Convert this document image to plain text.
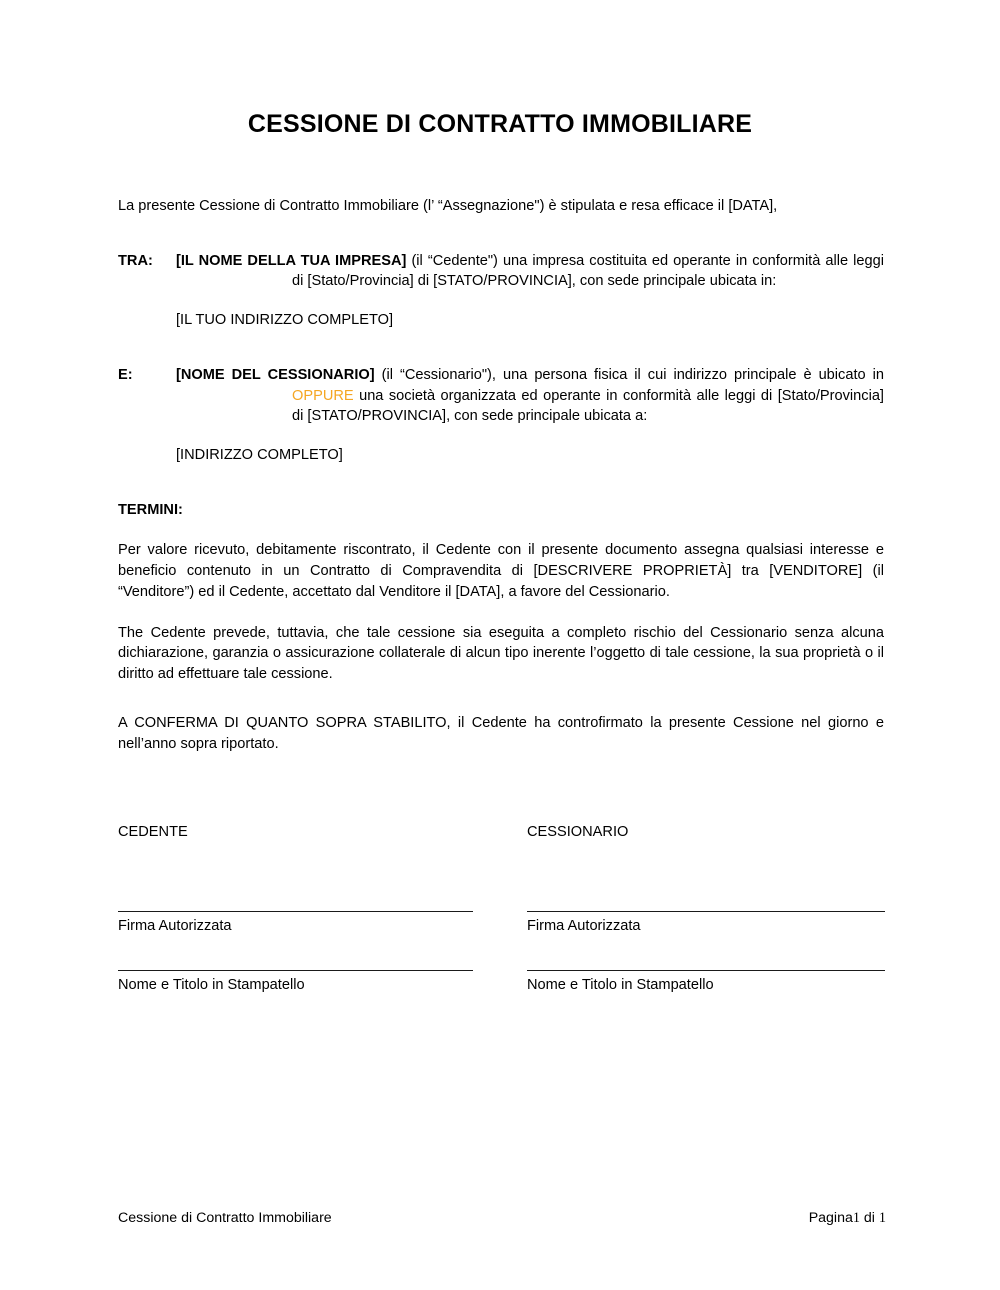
CESSIONE DI CONTRATTO IMMOBILIARE

La presente Cessione di Contratto Immobiliare (l’ “Assegnazione") è stipulata e resa efficace il [DATA],

TRA: [IL NOME DELLA TUA IMPRESA] (il “Cedente") una impresa costituita ed operante in conformità alle leggi di [Stato/Provincia] di [STATO/PROVINCIA], con sede principale ubicata in:
[IL TUO INDIRIZZO COMPLETO]
E:	[NOME DEL CESSIONARIO] (il “Cessionario"), una persona fisica il cui indirizzo principale è ubicato in OPPURE una società organizzata ed operante in conformità alle leggi di [Stato/Provincia] di [STATO/PROVINCIA], con sede principale ubicata a:
[INDIRIZZO COMPLETO]
TERMINI:

Per valore ricevuto, debitamente riscontrato, il Cedente con il presente documento assegna qualsiasi interesse e beneficio contenuto in un Contratto di Compravendita di [DESCRIVERE PROPRIETÀ] tra [VENDITORE] (il “Venditore”) ed il Cedente, accettato dal Venditore il [DATA], a favore del Cessionario.

The Cedente prevede, tuttavia, che tale cessione sia eseguita a completo rischio del Cessionario senza alcuna dichiarazione, garanzia o assicurazione collaterale di alcun tipo inerente l’oggetto di tale cessione, la sua proprietà o il diritto ad effettuare tale cessione.

A CONFERMA DI QUANTO SOPRA STABILITO, il Cedente ha controfirmato la presente Cessione nel giorno e nell’anno sopra riportato.

CEDENTE
Firma Autorizzata
Nome e Titolo in Stampatello
CESSIONARIO
Firma Autorizzata
Nome e Titolo in Stampatello
Cessione di Contratto Immobiliare	Pagina1 di 1
